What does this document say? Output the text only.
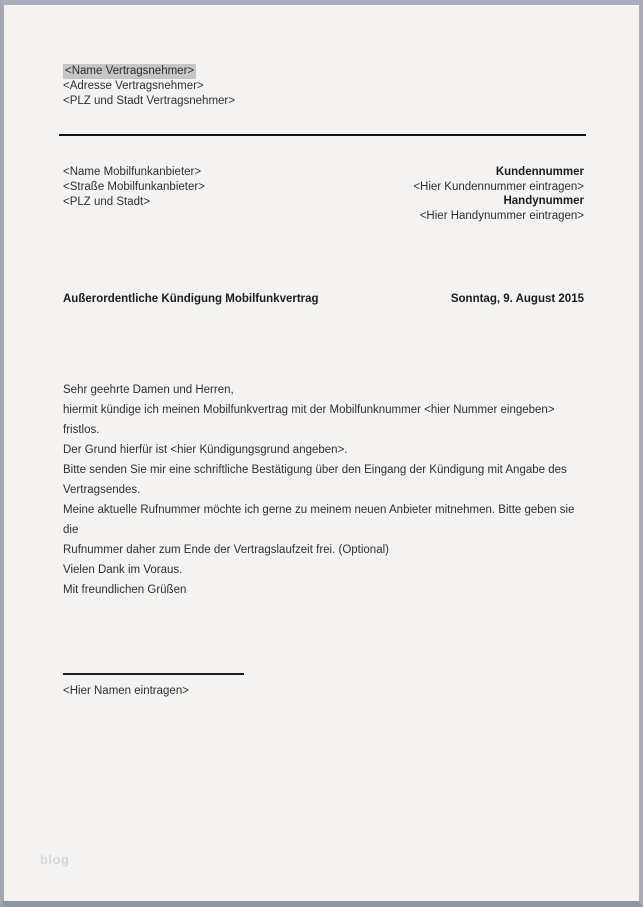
<Name Vertragsnehmer>
<Adresse Vertragsnehmer>
<PLZ und Stadt Vertragsnehmer>
<Name Mobilfunkanbieter>
<Straße Mobilfunkanbieter>
<PLZ und Stadt>
Kundennummer
<Hier Kundennummer eintragen>
Handynummer
<Hier Handynummer eintragen>
Außerordentliche Kündigung Mobilfunkvertrag	Sonntag, 9. August 2015

Sehr geehrte Damen und Herren,

hiermit kündige ich meinen Mobilfunkvertrag mit der Mobilfunknummer <hier Nummer eingeben> fristlos.

Der Grund hierfür ist <hier Kündigungsgrund angeben>.

Bitte senden Sie mir eine schriftliche Bestätigung über den Eingang der Kündigung mit Angabe des
Vertragsendes.

Meine aktuelle Rufnummer möchte ich gerne zu meinem neuen Anbieter mitnehmen. Bitte geben sie die
Rufnummer daher zum Ende der Vertragslaufzeit frei. (Optional)

Vielen Dank im Voraus.

Mit freundlichen Grüßen

<Hier Namen eintragen>
blog
